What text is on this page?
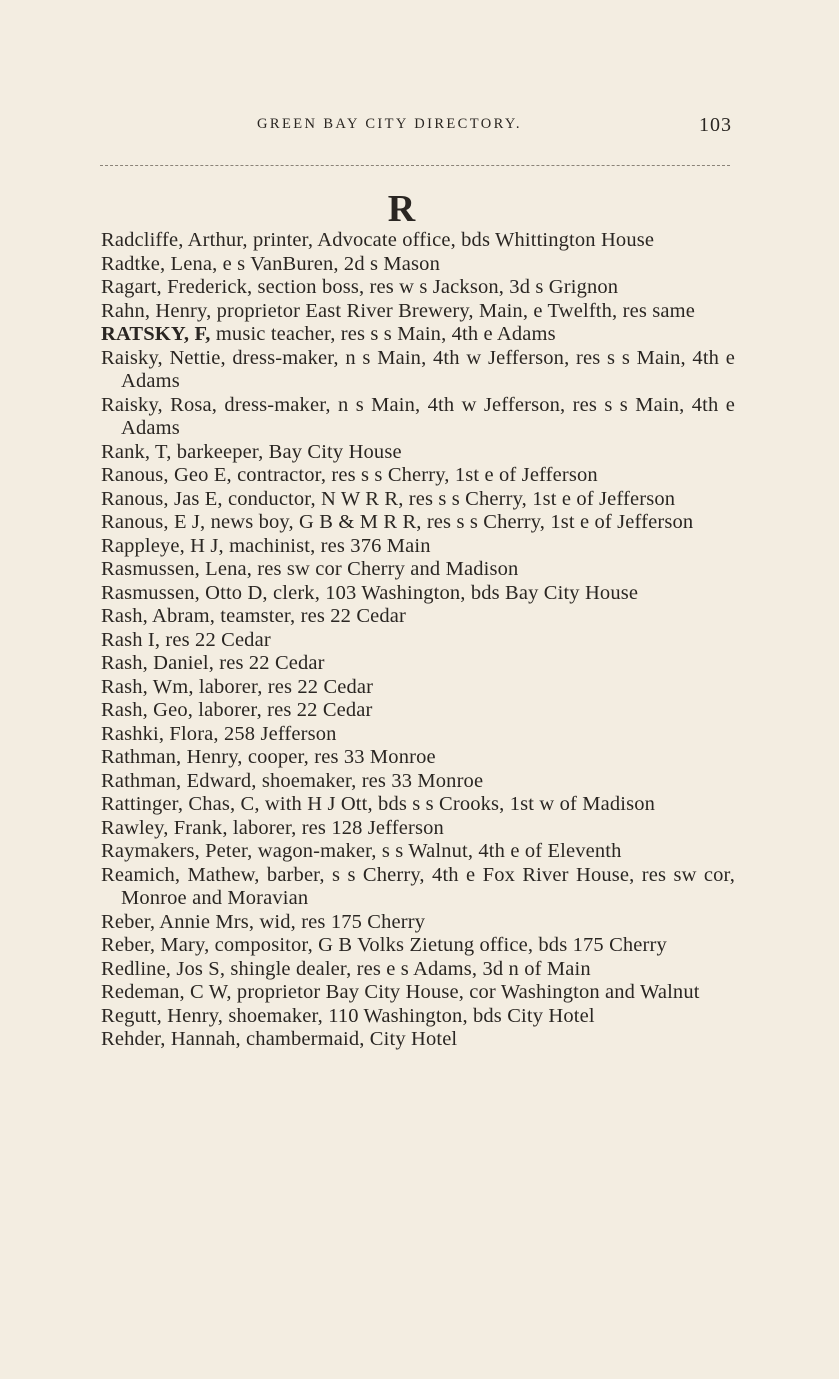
GREEN BAY CITY DIRECTORY.	103
R
Radcliffe, Arthur, printer, Advocate office, bds Whittington House
Radtke, Lena, e s VanBuren, 2d s Mason
Ragart, Frederick, section boss, res w s Jackson, 3d s Grignon
Rahn, Henry, proprietor East River Brewery, Main, e Twelfth, res same
RATSKY, F, music teacher, res s s Main, 4th e Adams
Raisky, Nettie, dress-maker, n s Main, 4th w Jefferson, res s s Main, 4th e Adams
Raisky, Rosa, dress-maker, n s Main, 4th w Jefferson, res s s Main, 4th e Adams
Rank, T, barkeeper, Bay City House
Ranous, Geo E, contractor, res s s Cherry, 1st e of Jefferson
Ranous, Jas E, conductor, N W R R, res s s Cherry, 1st e of Jefferson
Ranous, E J, news boy, G B & M R R, res s s Cherry, 1st e of Jefferson
Rappleye, H J, machinist, res 376 Main
Rasmussen, Lena, res sw cor Cherry and Madison
Rasmussen, Otto D, clerk, 103 Washington, bds Bay City House
Rash, Abram, teamster, res 22 Cedar
Rash I, res 22 Cedar
Rash, Daniel, res 22 Cedar
Rash, Wm, laborer, res 22 Cedar
Rash, Geo, laborer, res 22 Cedar
Rashki, Flora, 258 Jefferson
Rathman, Henry, cooper, res 33 Monroe
Rathman, Edward, shoemaker, res 33 Monroe
Rattinger, Chas, C, with H J Ott, bds s s Crooks, 1st w of Madison
Rawley, Frank, laborer, res 128 Jefferson
Raymakers, Peter, wagon-maker, s s Walnut, 4th e of Eleventh
Reamich, Mathew, barber, s s Cherry, 4th e Fox River House, res sw cor, Monroe and Moravian
Reber, Annie Mrs, wid, res 175 Cherry
Reber, Mary, compositor, G B Volks Zietung office, bds 175 Cherry
Redline, Jos S, shingle dealer, res e s Adams, 3d n of Main
Redeman, C W, proprietor Bay City House, cor Washington and Walnut
Regutt, Henry, shoemaker, 110 Washington, bds City Hotel
Rehder, Hannah, chambermaid, City Hotel
